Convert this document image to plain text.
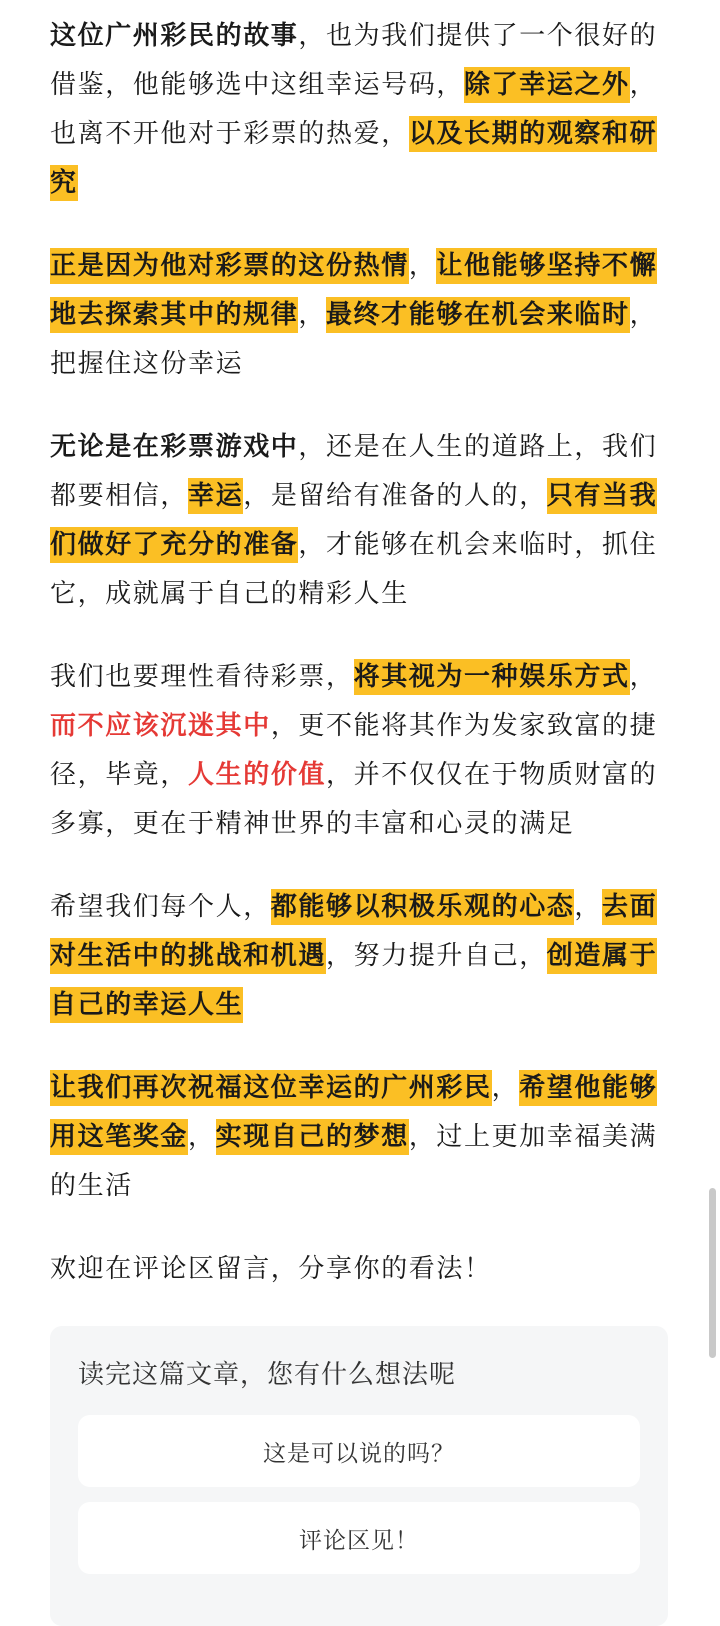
这位广州彩民的故事，也为我们提供了一个很好的借鉴，他能够选中这组幸运号码，除了幸运之外，也离不开他对于彩票的热爱，以及长期的观察和研究

正是因为他对彩票的这份热情，让他能够坚持不懈地去探索其中的规律，最终才能够在机会来临时，把握住这份幸运

无论是在彩票游戏中，还是在人生的道路上，我们都要相信，幸运，是留给有准备的人的，只有当我们做好了充分的准备，才能够在机会来临时，抓住它，成就属于自己的精彩人生

我们也要理性看待彩票，将其视为一种娱乐方式，而不应该沉迷其中，更不能将其作为发家致富的捷径，毕竟，人生的价值，并不仅仅在于物质财富的多寡，更在于精神世界的丰富和心灵的满足

希望我们每个人，都能够以积极乐观的心态，去面对生活中的挑战和机遇，努力提升自己，创造属于自己的幸运人生

让我们再次祝福这位幸运的广州彩民，希望他能够用这笔奖金，实现自己的梦想，过上更加幸福美满的生活

欢迎在评论区留言，分享你的看法！

读完这篇文章，您有什么想法呢
这是可以说的吗？
评论区见！
